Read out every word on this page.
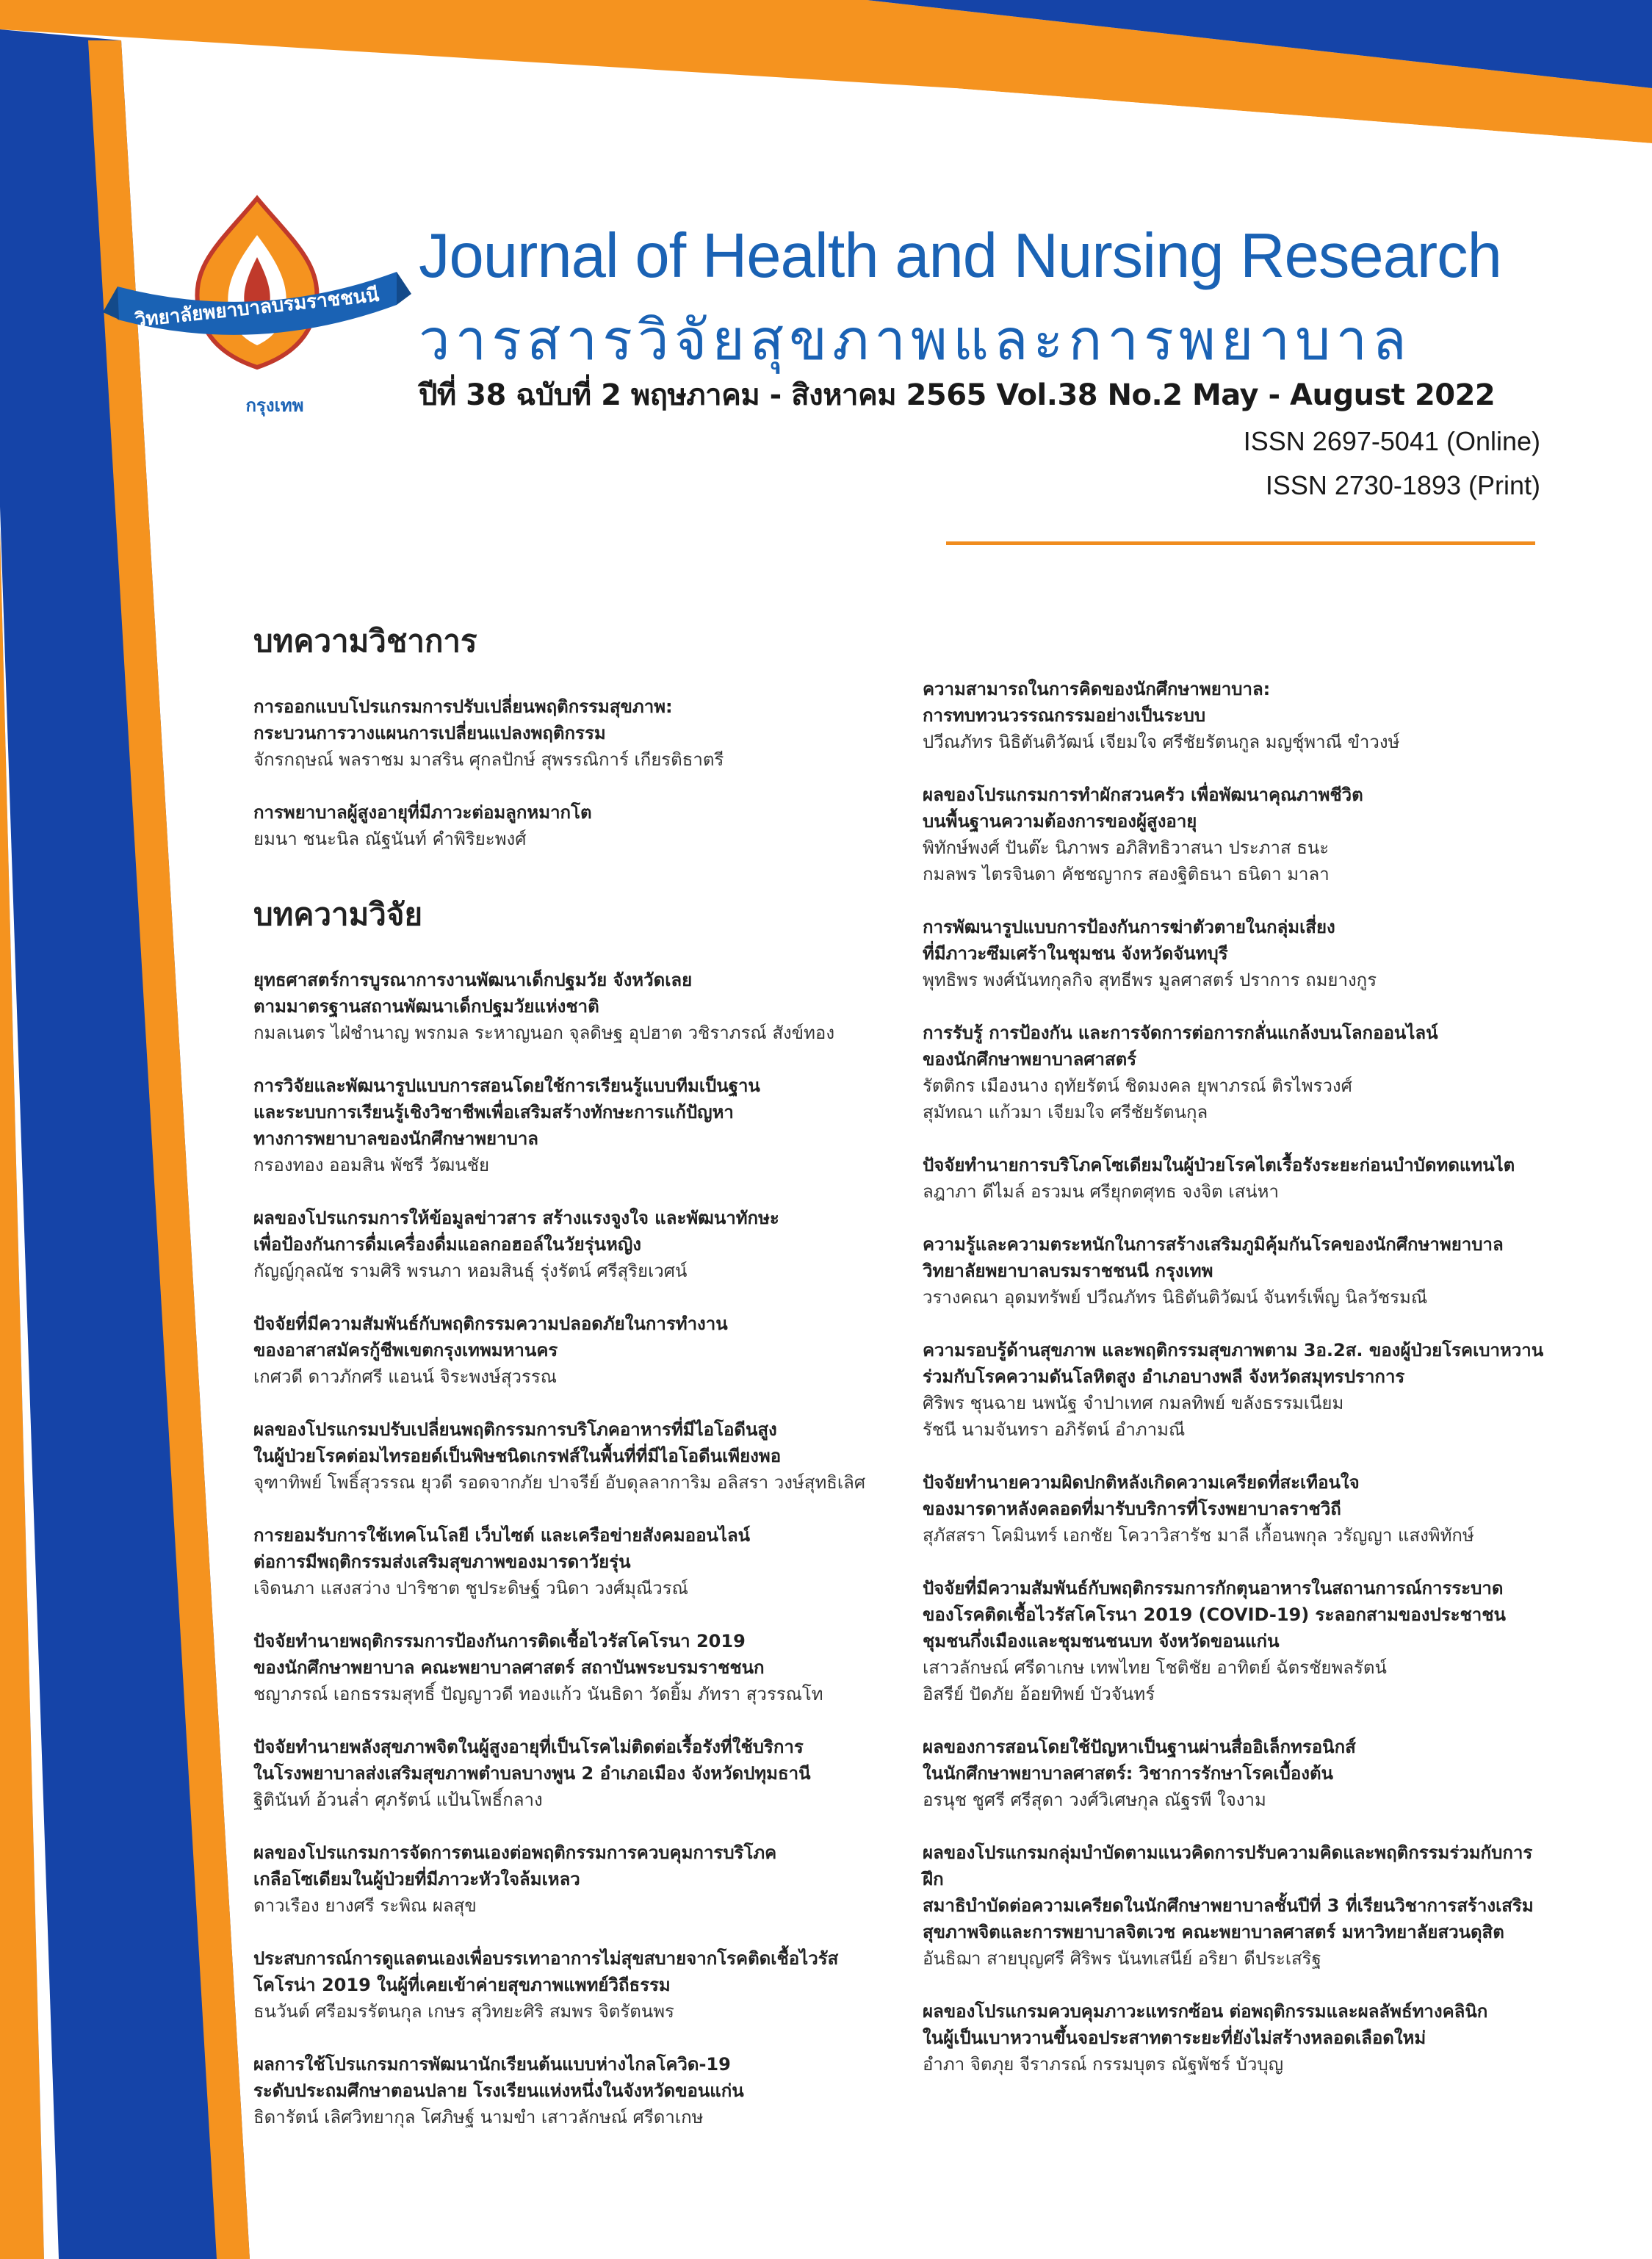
วิทยาลัยพยาบาลบรมราชชนนี
กรุงเทพ
Journal of Health and Nursing Research
วารสารวิจัยสุขภาพและการพยาบาล
ปีที่ 38 ฉบับที่ 2 พฤษภาคม - สิงหาคม 2565 Vol.38 No.2 May - August 2022
ISSN 2697-5041 (Online)
ISSN 2730-1893 (Print)
บทความวิชาการ
การออกแบบโปรแกรมการปรับเปลี่ยนพฤติกรรมสุขภาพ:
กระบวนการวางแผนการเปลี่ยนแปลงพฤติกรรม
จักรกฤษณ์ พลราชม มาสริน ศุกลปักษ์ สุพรรณิการ์ เกียรติธาตรี
การพยาบาลผู้สูงอายุที่มีภาวะต่อมลูกหมากโต
ยมนา ชนะนิล ณัฐนันท์ คำพิริยะพงศ์
บทความวิจัย
ยุทธศาสตร์การบูรณาการงานพัฒนาเด็กปฐมวัย จังหวัดเลย
ตามมาตรฐานสถานพัฒนาเด็กปฐมวัยแห่งชาติ
กมลเนตร ไฝ่ชำนาญ พรกมล ระหาญนอก จุลดิษฐ อุปฮาต วชิราภรณ์ สังข์ทอง
การวิจัยและพัฒนารูปแบบการสอนโดยใช้การเรียนรู้แบบทีมเป็นฐาน
และระบบการเรียนรู้เชิงวิชาชีพเพื่อเสริมสร้างทักษะการแก้ปัญหา
ทางการพยาบาลของนักศึกษาพยาบาล
กรองทอง ออมสิน พัชรี วัฒนชัย
ผลของโปรแกรมการให้ข้อมูลข่าวสาร สร้างแรงจูงใจ และพัฒนาทักษะ
เพื่อป้องกันการดื่มเครื่องดื่มแอลกอฮอล์ในวัยรุ่นหญิง
กัญญ์กุลณัช รามศิริ พรนภา หอมสินธุ์ รุ่งรัตน์ ศรีสุริยเวศน์
ปัจจัยที่มีความสัมพันธ์กับพฤติกรรมความปลอดภัยในการทำงาน
ของอาสาสมัครกู้ชีพเขตกรุงเทพมหานคร
เกศวดี ดาวภักศรี แอนน์ จิระพงษ์สุวรรณ
ผลของโปรแกรมปรับเปลี่ยนพฤติกรรมการบริโภคอาหารที่มีไอโอดีนสูง
ในผู้ป่วยโรคต่อมไทรอยด์เป็นพิษชนิดเกรฟส์ในพื้นที่ที่มีไอโอดีนเพียงพอ
จุฑาทิพย์ โพธิ์สุวรรณ ยุวดี รอดจากภัย ปาจรีย์ อับดุลลาการิม อลิสรา วงษ์สุทธิเลิศ
การยอมรับการใช้เทคโนโลยี เว็บไซต์ และเครือข่ายสังคมออนไลน์
ต่อการมีพฤติกรรมส่งเสริมสุขภาพของมารดาวัยรุ่น
เจิดนภา แสงสว่าง ปาริชาต ชูประดิษฐ์ วนิดา วงศ์มุณีวรณ์
ปัจจัยทำนายพฤติกรรมการป้องกันการติดเชื้อไวรัสโคโรนา 2019
ของนักศึกษาพยาบาล คณะพยาบาลศาสตร์ สถาบันพระบรมราชชนก
ชญาภรณ์ เอกธรรมสุทธิ์ ปัญญาวดี ทองแก้ว นันธิดา วัดยิ้ม ภัทรา สุวรรณโท
ปัจจัยทำนายพลังสุขภาพจิตในผู้สูงอายุที่เป็นโรคไม่ติดต่อเรื้อรังที่ใช้บริการ
ในโรงพยาบาลส่งเสริมสุขภาพตำบลบางพูน 2 อำเภอเมือง จังหวัดปทุมธานี
ฐิตินันท์ อ้วนล่ำ ศุภรัตน์ แป้นโพธิ์กลาง
ผลของโปรแกรมการจัดการตนเองต่อพฤติกรรมการควบคุมการบริโภค
เกลือโซเดียมในผู้ป่วยที่มีภาวะหัวใจล้มเหลว
ดาวเรือง ยางศรี ระพิณ ผลสุข
ประสบการณ์การดูแลตนเองเพื่อบรรเทาอาการไม่สุขสบายจากโรคติดเชื้อไวรัส
โคโรน่า 2019 ในผู้ที่เคยเข้าค่ายสุขภาพแพทย์วิถีธรรม
ธนวันต์ ศรีอมรรัตนกุล เกษร สุวิทยะศิริ สมพร จิตรัตนพร
ผลการใช้โปรแกรมการพัฒนานักเรียนต้นแบบห่างไกลโควิด-19
ระดับประถมศึกษาตอนปลาย โรงเรียนแห่งหนึ่งในจังหวัดขอนแก่น
ธิดารัตน์ เลิศวิทยากุล โศภิษฐ์ นามขำ เสาวลักษณ์ ศรีดาเกษ
ความสามารถในการคิดของนักศึกษาพยาบาล:
การทบทวนวรรณกรรมอย่างเป็นระบบ
ปวีณภัทร นิธิตันติวัฒน์ เจียมใจ ศรีชัยรัตนกูล มญชุ์พาณี ขำวงษ์
ผลของโปรแกรมการทำผักสวนครัว เพื่อพัฒนาคุณภาพชีวิต
บนพื้นฐานความต้องการของผู้สูงอายุ
พิทักษ์พงศ์ ปันต๊ะ นิภาพร อภิสิทธิวาสนา ประภาส ธนะ
กมลพร ไตรจินดา คัชชญากร สองฐิติธนา ธนิดา มาลา
การพัฒนารูปแบบการป้องกันการฆ่าตัวตายในกลุ่มเสี่ยง
ที่มีภาวะซึมเศร้าในชุมชน จังหวัดจันทบุรี
พุทธิพร พงศ์นันทกุลกิจ สุทธีพร มูลศาสตร์ ปราการ ถมยางกูร
การรับรู้ การป้องกัน และการจัดการต่อการกลั่นแกล้งบนโลกออนไลน์
ของนักศึกษาพยาบาลศาสตร์
รัตติกร เมืองนาง ฤทัยรัตน์ ชิดมงคล ยุพาภรณ์ ติรไพรวงศ์
สุมัทณา แก้วมา เจียมใจ ศรีชัยรัตนกุล
ปัจจัยทำนายการบริโภคโซเดียมในผู้ป่วยโรคไตเรื้อรังระยะก่อนบำบัดทดแทนไต
ลฎาภา ดีไมล์ อรวมน ศรียุกตศุทธ จงจิต เสน่หา
ความรู้และความตระหนักในการสร้างเสริมภูมิคุ้มกันโรคของนักศึกษาพยาบาล
วิทยาลัยพยาบาลบรมราชชนนี กรุงเทพ
วรางคณา อุดมทรัพย์ ปวีณภัทร นิธิตันติวัฒน์ จันทร์เพ็ญ นิลวัชรมณี
ความรอบรู้ด้านสุขภาพ และพฤติกรรมสุขภาพตาม 3อ.2ส. ของผู้ป่วยโรคเบาหวาน
ร่วมกับโรคความดันโลหิตสูง อำเภอบางพลี จังหวัดสมุทรปราการ
ศิริพร ชุนฉาย นพนัฐ จำปาเทศ กมลทิพย์ ขลังธรรมเนียม
รัชนี นามจันทรา อภิรัตน์ อำภามณี
ปัจจัยทำนายความผิดปกติหลังเกิดความเครียดที่สะเทือนใจ
ของมารดาหลังคลอดที่มารับบริการที่โรงพยาบาลราชวิถี
สุภัสสรา โคมินทร์ เอกชัย โควาวิสารัช มาลี เกื้อนพกุล วรัญญา แสงพิทักษ์
ปัจจัยที่มีความสัมพันธ์กับพฤติกรรมการกักตุนอาหารในสถานการณ์การระบาด
ของโรคติดเชื้อไวรัสโคโรนา 2019 (COVID-19) ระลอกสามของประชาชน
ชุมชนกึ่งเมืองและชุมชนชนบท จังหวัดขอนแก่น
เสาวลักษณ์ ศรีดาเกษ เทพไทย โชติชัย อาทิตย์ ฉัตรชัยพลรัตน์
อิสรีย์ ปัดภัย อ้อยทิพย์ บัวจันทร์
ผลของการสอนโดยใช้ปัญหาเป็นฐานผ่านสื่ออิเล็กทรอนิกส์
ในนักศึกษาพยาบาลศาสตร์: วิชาการรักษาโรคเบื้องต้น
อรนุช ชูศรี ศรีสุดา วงศ์วิเศษกุล ณัฐรพี ใจงาม
ผลของโปรแกรมกลุ่มบำบัดตามแนวคิดการปรับความคิดและพฤติกรรมร่วมกับการฝึก
สมาธิบำบัดต่อความเครียดในนักศึกษาพยาบาลชั้นปีที่ 3 ที่เรียนวิชาการสร้างเสริม
สุขภาพจิตและการพยาบาลจิตเวช คณะพยาบาลศาสตร์ มหาวิทยาลัยสวนดุสิต
อันธิฌา สายบุญศรี ศิริพร นันทเสนีย์ อริยา ดีประเสริฐ
ผลของโปรแกรมควบคุมภาวะแทรกซ้อน ต่อพฤติกรรมและผลลัพธ์ทางคลินิก
ในผู้เป็นเบาหวานขึ้นจอประสาทตาระยะที่ยังไม่สร้างหลอดเลือดใหม่
อำภา จิตภุย จีราภรณ์ กรรมบุตร ณัฐพัชร์ บัวบุญ
